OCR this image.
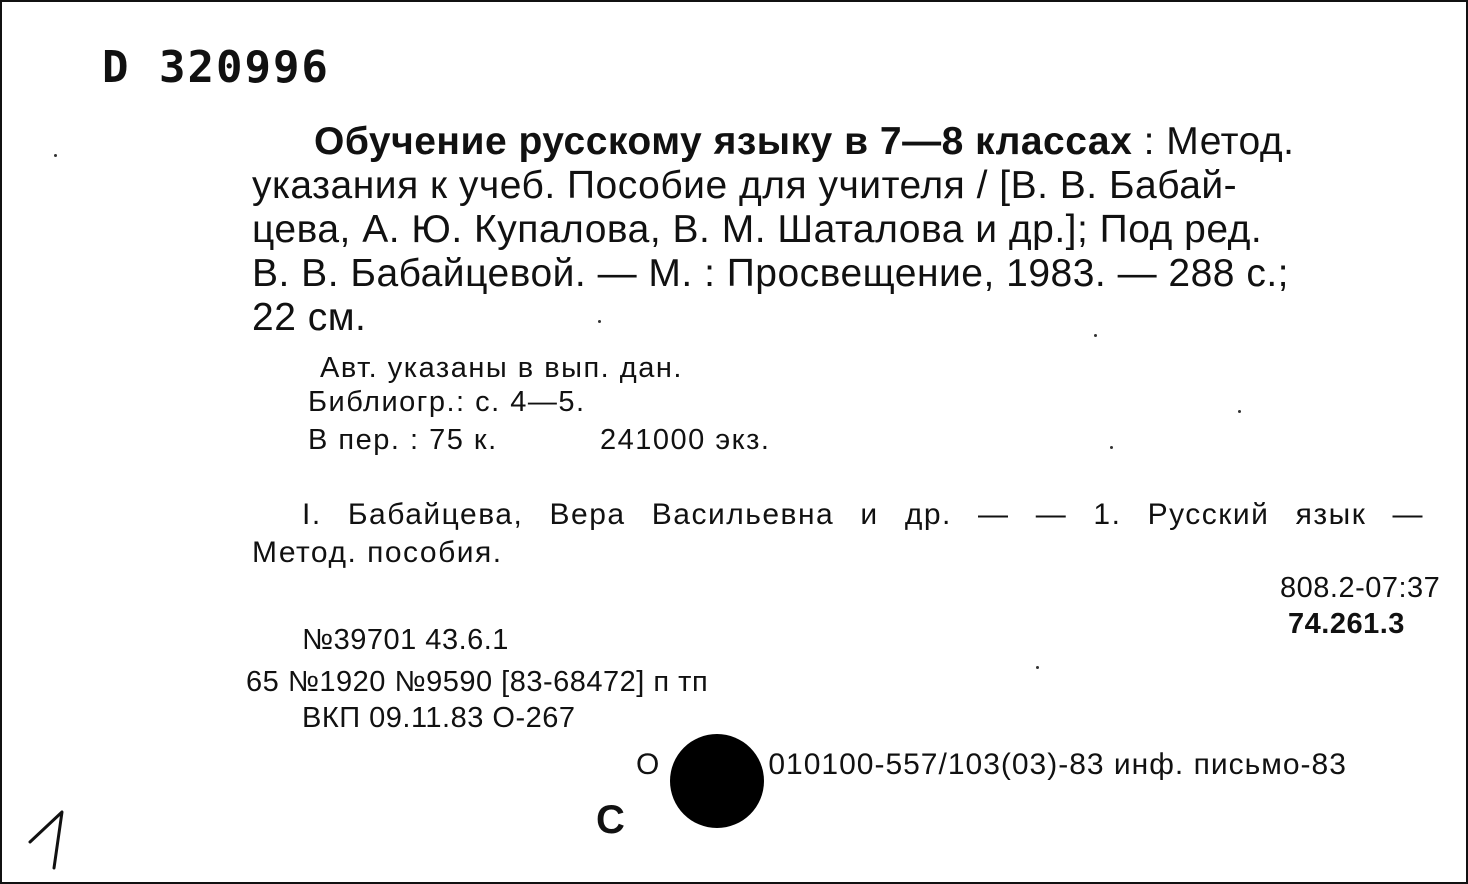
D 320996
Обучение русскому языку в 7—8 классах : Метод.
указания к учеб. Пособие для учителя / [В. В. Бабай-
цева, А. Ю. Купалова, В. М. Шаталова и др.]; Под ред.
В. В. Бабайцевой. — М. : Просвещение, 1983. — 288 с.;
22 см.
Авт. указаны в вып. дан.
Библиогр.: с. 4—5.
В пер. : 75 к.	241000 экз.
I. Бабайцева, Вера Васильевна и др. — — 1. Русский язык —
Метод. пособия.
808.2-07:37
74.261.3
№39701 43.6.1
65 №1920 №9590 [83-68472] п тп
ВКП 09.11.83 О-267
О	010100-557/103(03)-83 инф. письмо-83
С
